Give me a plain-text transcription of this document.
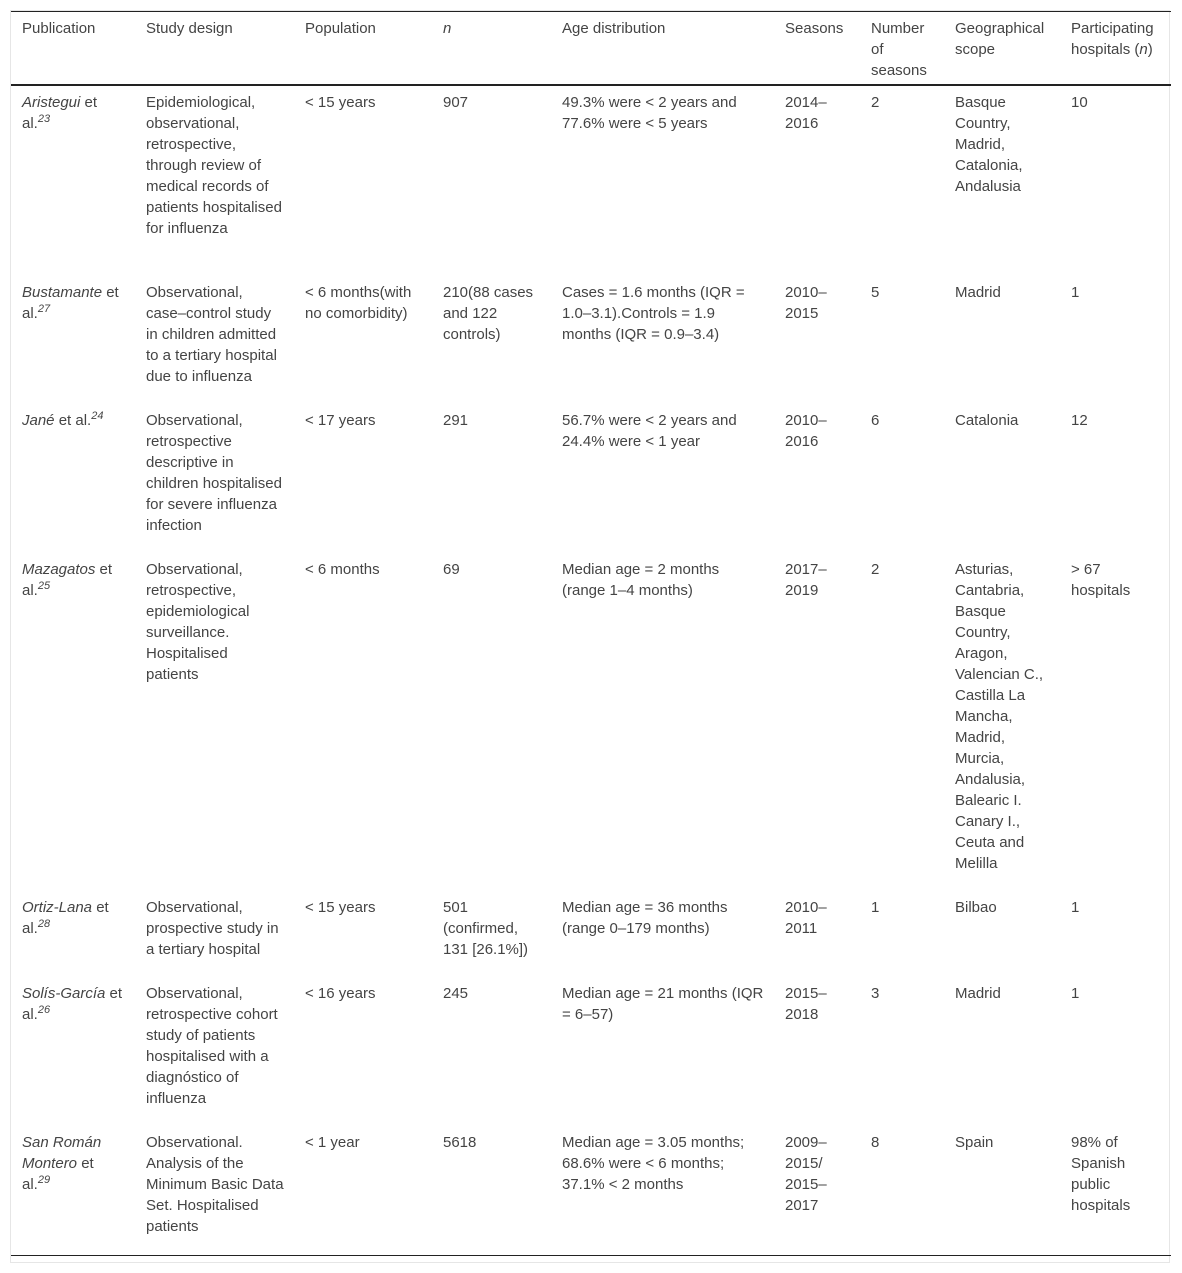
Publication	Study design	Population	n	Age distribution	Seasons	Number of seasons	Geographical scope	Participating hospitals (n)
Aristegui et al.$^{23}$	Epidemiological, observational, retrospective, through review of medical records of patients hospitalised for influenza	< 15 years	907	49.3% were < 2 years and 77.6% were < 5 years	2014–2016	2	Basque Country, Madrid, Catalonia, Andalusia	10
Bustamante et al.$^{27}$	Observational, case–control study in children admitted to a tertiary hospital due to influenza	< 6 months(with no comorbidity)	210(88 cases and 122 controls)	Cases = 1.6 months (IQR = 1.0–3.1).Controls = 1.9 months (IQR = 0.9–3.4)	2010–2015	5	Madrid	1
Jané et al.$^{24}$	Observational, retrospective descriptive in children hospitalised for severe influenza infection	< 17 years	291	56.7% were < 2 years and 24.4% were < 1 year	2010–2016	6	Catalonia	12
Mazagatos et al.$^{25}$	Observational, retrospective, epidemiological surveillance. Hospitalised patients	< 6 months	69	Median age = 2 months (range 1–4 months)	2017–2019	2	Asturias, Cantabria, Basque Country, Aragon, Valencian C., Castilla La Mancha, Madrid, Murcia, Andalusia, Balearic I. Canary I., Ceuta and Melilla	> 67 hospitals
Ortiz-Lana et al.$^{28}$	Observational, prospective study in a tertiary hospital	< 15 years	501 (confirmed, 131 [26.1%])	Median age = 36 months (range 0–179 months)	2010–2011	1	Bilbao	1
Solís-García et al.$^{26}$	Observational, retrospective cohort study of patients hospitalised with a diagnóstico of influenza	< 16 years	245	Median age = 21 months (IQR = 6–57)	2015–2018	3	Madrid	1
San Román Montero et al.$^{29}$	Observational. Analysis of the Minimum Basic Data Set. Hospitalised patients	< 1 year	5618	Median age = 3.05 months; 68.6% were < 6 months; 37.1% < 2 months	2009–2015/ 2015–2017	8	Spain	98% of Spanish public hospitals
